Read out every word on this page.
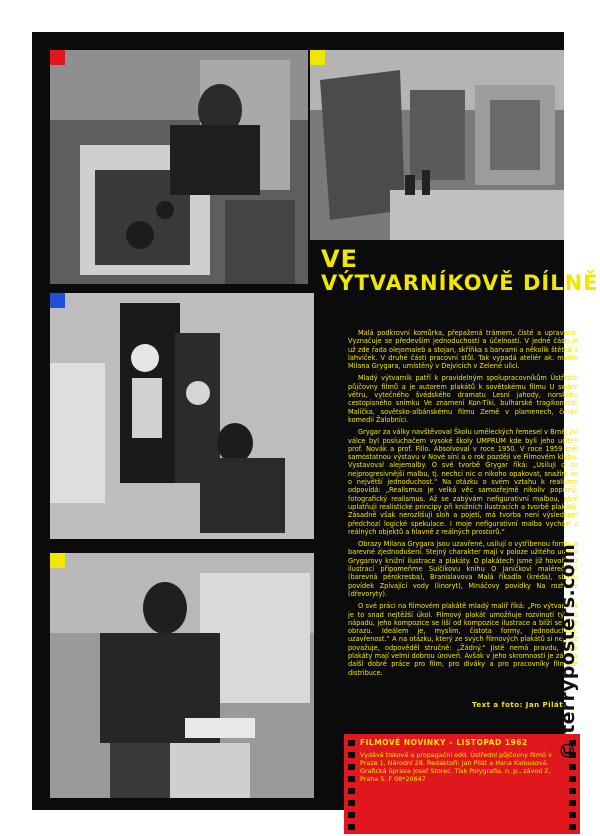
VE
VÝTVARNÍKOVĚ DÍLNĚ

Malá podkrovní komůrka, přepažená trámem, čisté a upravené. Vyznačuje se především jednoduchostí a účelností. V jedné části je už zde řada olejomaleb a stojan, skříňka s barvami a několik štětců a lahviček. V druhé části pracovní stůl. Tak vypadá ateliér ak. malíře Milana Grygara, umístěný v Dejvicích v Zelené ulici.

Mladý výtvarník patří k pravidelným spolupracovníkům Ústřední půjčovny filmů a je autorem plakátů k sovětskému filmu U sedmi větru, vytečného švédského dramatu Lesní jahody, norského cestopisného snímku Ve znamení Kon-Tiki, bulharské tragikomedii Malíčka, sovětsko-albánskému filmu Země v plamenech, české komedii Žalobníci.

Grygar za války navštěvoval Školu uměleckých řemesel v Brně, po válce byl posluchačem vysoké školy UMPRUM kde byli jeho učiteli prof. Novák a prof. Fillo. Absolvoval v roce 1950. V roce 1959 měl samostatnou výstavu v Nové síni a o rok později ve Filmovém klubu. Vystavoval alejemalby. O své tvorbě Grygar říká: „Usiluji o co nejprogresivnější malbu, tj. nechci nic o nikoho opakovat, snažím se o největší jednoduchost.“ Na otázku o svém vztahu k realismu odpovídá: „Realismus je velká věc samozřejmě nikoliv popisný, fotografický realismus. Až se zabývám nefigurativní malbou, plně uplatňuji realistické principy při knižních ilustracích a tvorbě plakátů. Zásadně však nerozlišuji sloh a pojetí, má tvorba není výsledkem předchozí logické spekulace. I moje nefigurativní malba vychází z reálných objektů a hlavně z reálných prostorů.“

Obrazy Milana Grygara jsou uzavřené, usilují o vytříbenou formu a barevné zjednodušení. Stejný charakter mají v poloze užitého umění Grygarovy knižní ilustrace a plakáty. O plakátech jsme již hovořili, z ilustrací připomeňme Sulčíkovu knihu O Janíčkovi malérečkovi (barevná pérokresba), Branislavova Malá říkadla (kréda), sbírku povídek Zpívající vody (linoryt), Mináčovy povídky Na rozhraní (dřevoryty).

O své práci na filmovém plakátě mladý malíř říká: „Pro výtvarníka je to snad nejtěžší úkol. Filmový plakát umožňuje rozvinutí týlu o nápadu, jeho kompozice se liší od kompozice ilustrace a blíží se více obrazu. Ideálem je, myslím, čistota formy, jednoduchost, uzavřenost.“ A na otázku, který ze svých filmových plakátů si nejvíce považuje, odpověděl stručně: „Žádný.“ Jistě nemá pravdu, jeho plakáty mají velmi dobrou úroveň. Avšak v jeho skromnosti je záruka další dobré práce pro film, pro diváky a pro pracovníky filmové distribuce.

Text a foto: Jan Pilát
FILMOVÉ NOVINKY – LISTOPAD 1962
Vydává tiskové a propagační odd. Ústřední půjčovny filmů v Praze 1, Národní 28. Redaktoři: Jan Pilát a Hana Kalousová. Grafická úprava Josef Storec. Tisk Polygrafia, n. p., závod 2, Praha 5. F 08*20647
© terryposters.com
